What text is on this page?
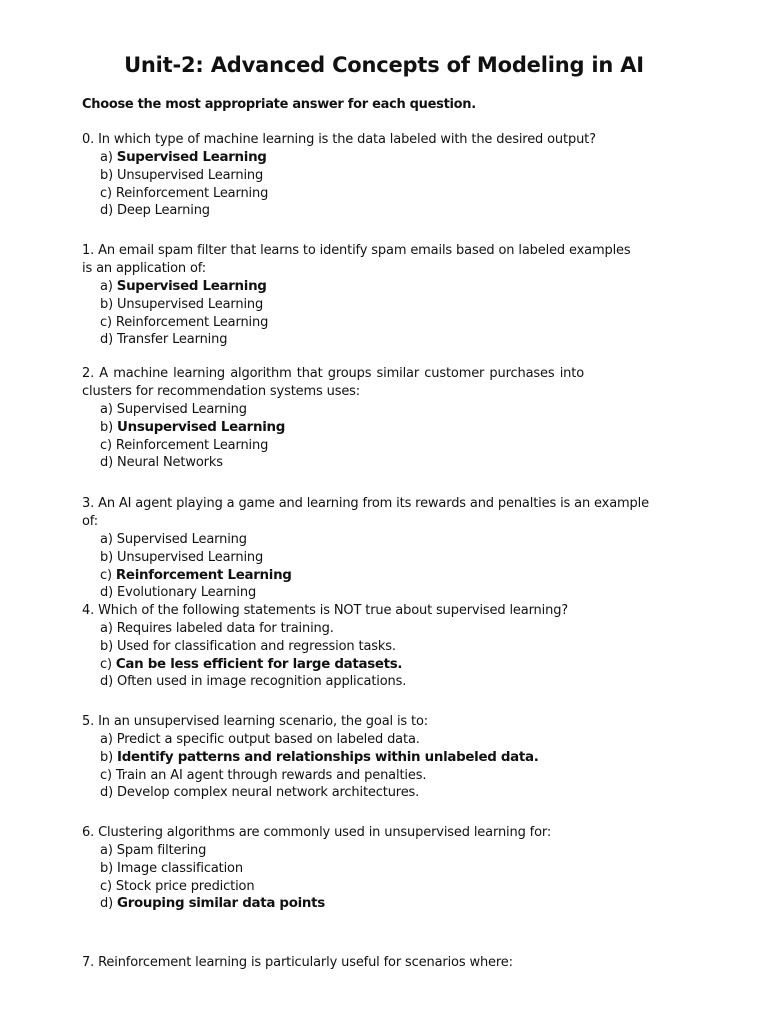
Unit-2: Advanced Concepts of Modeling in AI
Choose the most appropriate answer for each question.
0. In which type of machine learning is the data labeled with the desired output?
a) Supervised Learning
b) Unsupervised Learning
c) Reinforcement Learning
d) Deep Learning
1. An email spam filter that learns to identify spam emails based on labeled examples
is an application of:
a) Supervised Learning
b) Unsupervised Learning
c) Reinforcement Learning
d) Transfer Learning
2. A machine learning algorithm that groups similar customer purchases into clusters for recommendation systems uses:
a) Supervised Learning
b) Unsupervised Learning
c) Reinforcement Learning
d) Neural Networks
3. An AI agent playing a game and learning from its rewards and penalties is an example of:
a) Supervised Learning
b) Unsupervised Learning
c) Reinforcement Learning
d) Evolutionary Learning
4. Which of the following statements is NOT true about supervised learning?
a) Requires labeled data for training.
b) Used for classification and regression tasks.
c) Can be less efficient for large datasets.
d) Often used in image recognition applications.
5. In an unsupervised learning scenario, the goal is to:
a) Predict a specific output based on labeled data.
b) Identify patterns and relationships within unlabeled data.
c) Train an AI agent through rewards and penalties.
d) Develop complex neural network architectures.
6. Clustering algorithms are commonly used in unsupervised learning for:
a) Spam filtering
b) Image classification
c) Stock price prediction
d) Grouping similar data points
7. Reinforcement learning is particularly useful for scenarios where:
